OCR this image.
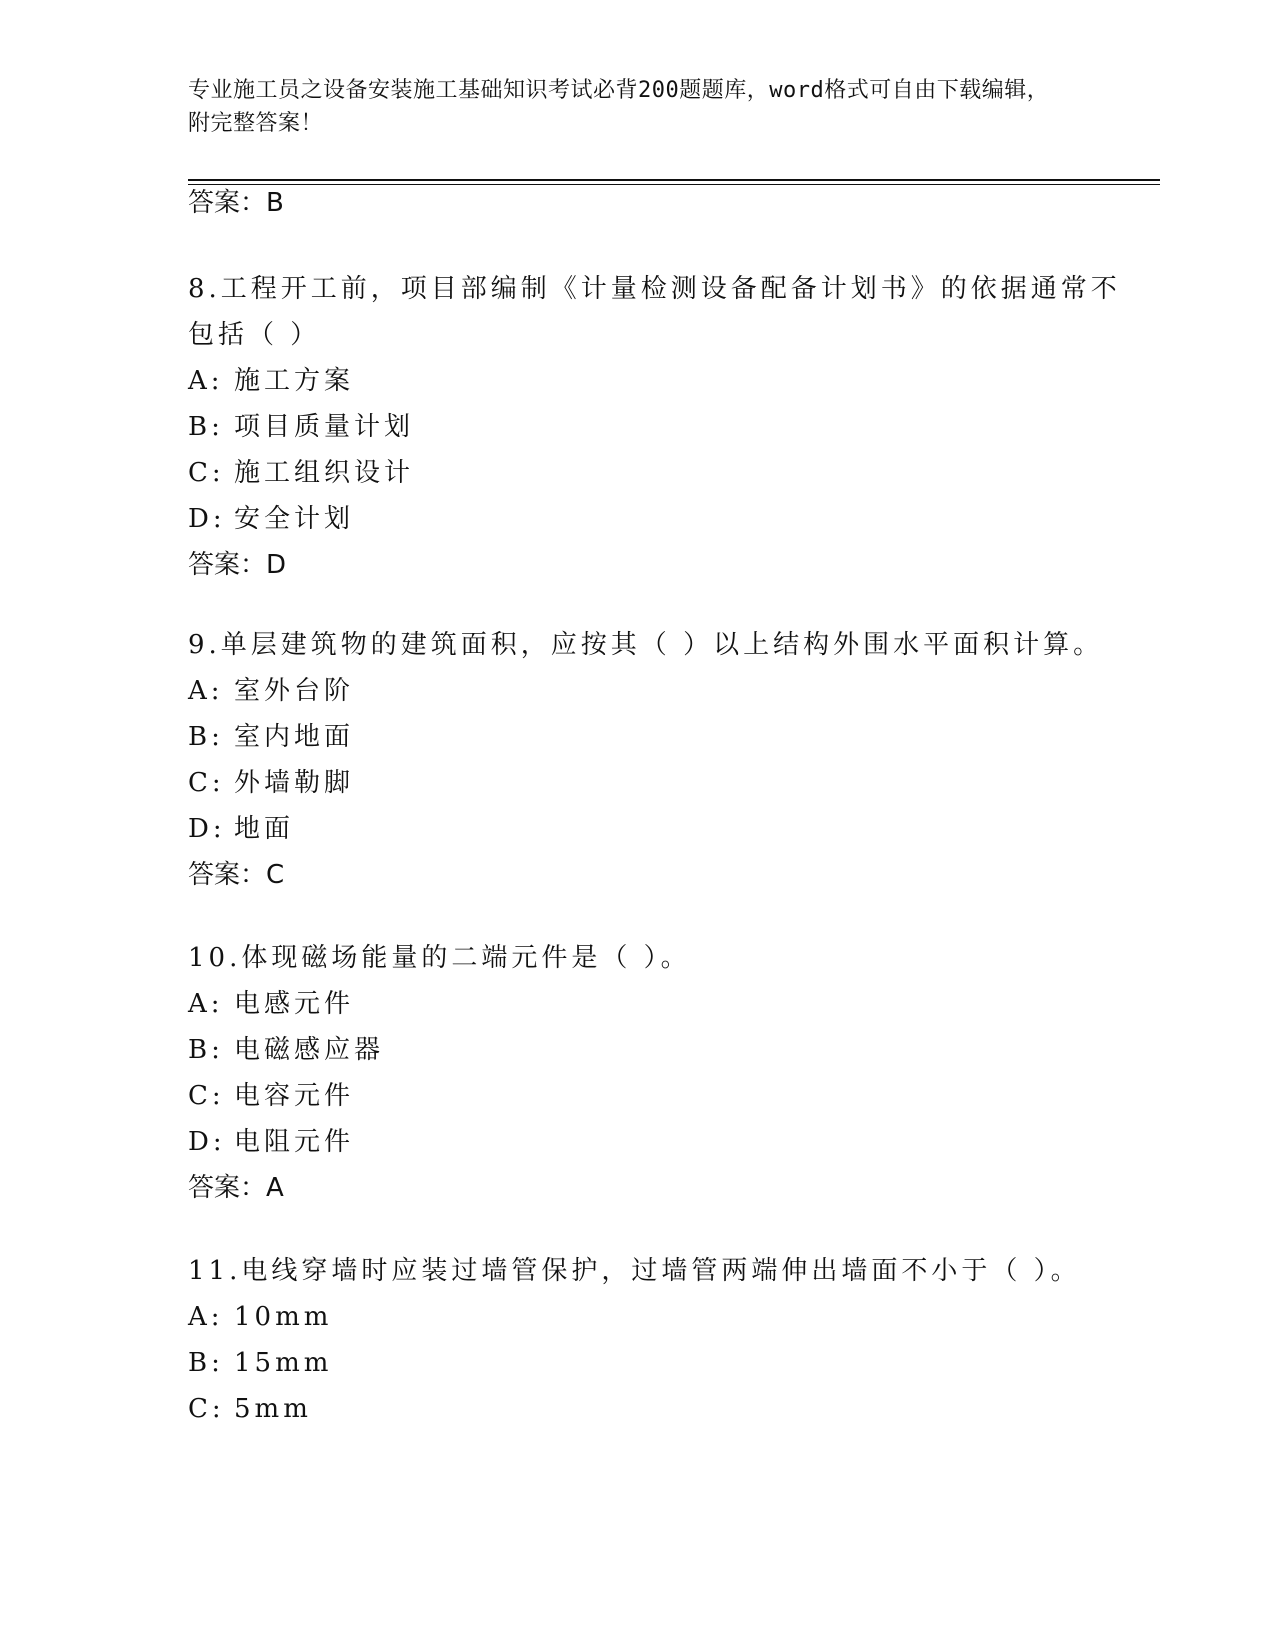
专业施工员之设备安装施工基础知识考试必背200题题库，word格式可自由下载编辑，附完整答案！

答案：B

8.工程开工前，项目部编制《计量检测设备配备计划书》的依据通常不包括（ ）

A: 施工方案

B: 项目质量计划

C: 施工组织设计

D: 安全计划

答案：D

9.单层建筑物的建筑面积，应按其（ ）以上结构外围水平面积计算。

A: 室外台阶

B: 室内地面

C: 外墙勒脚

D: 地面

答案：C

10.体现磁场能量的二端元件是（ ）。

A: 电感元件

B: 电磁感应器

C: 电容元件

D: 电阻元件

答案：A

11.电线穿墙时应装过墙管保护，过墙管两端伸出墙面不小于（ ）。

A: 10mm

B: 15mm

C: 5mm
